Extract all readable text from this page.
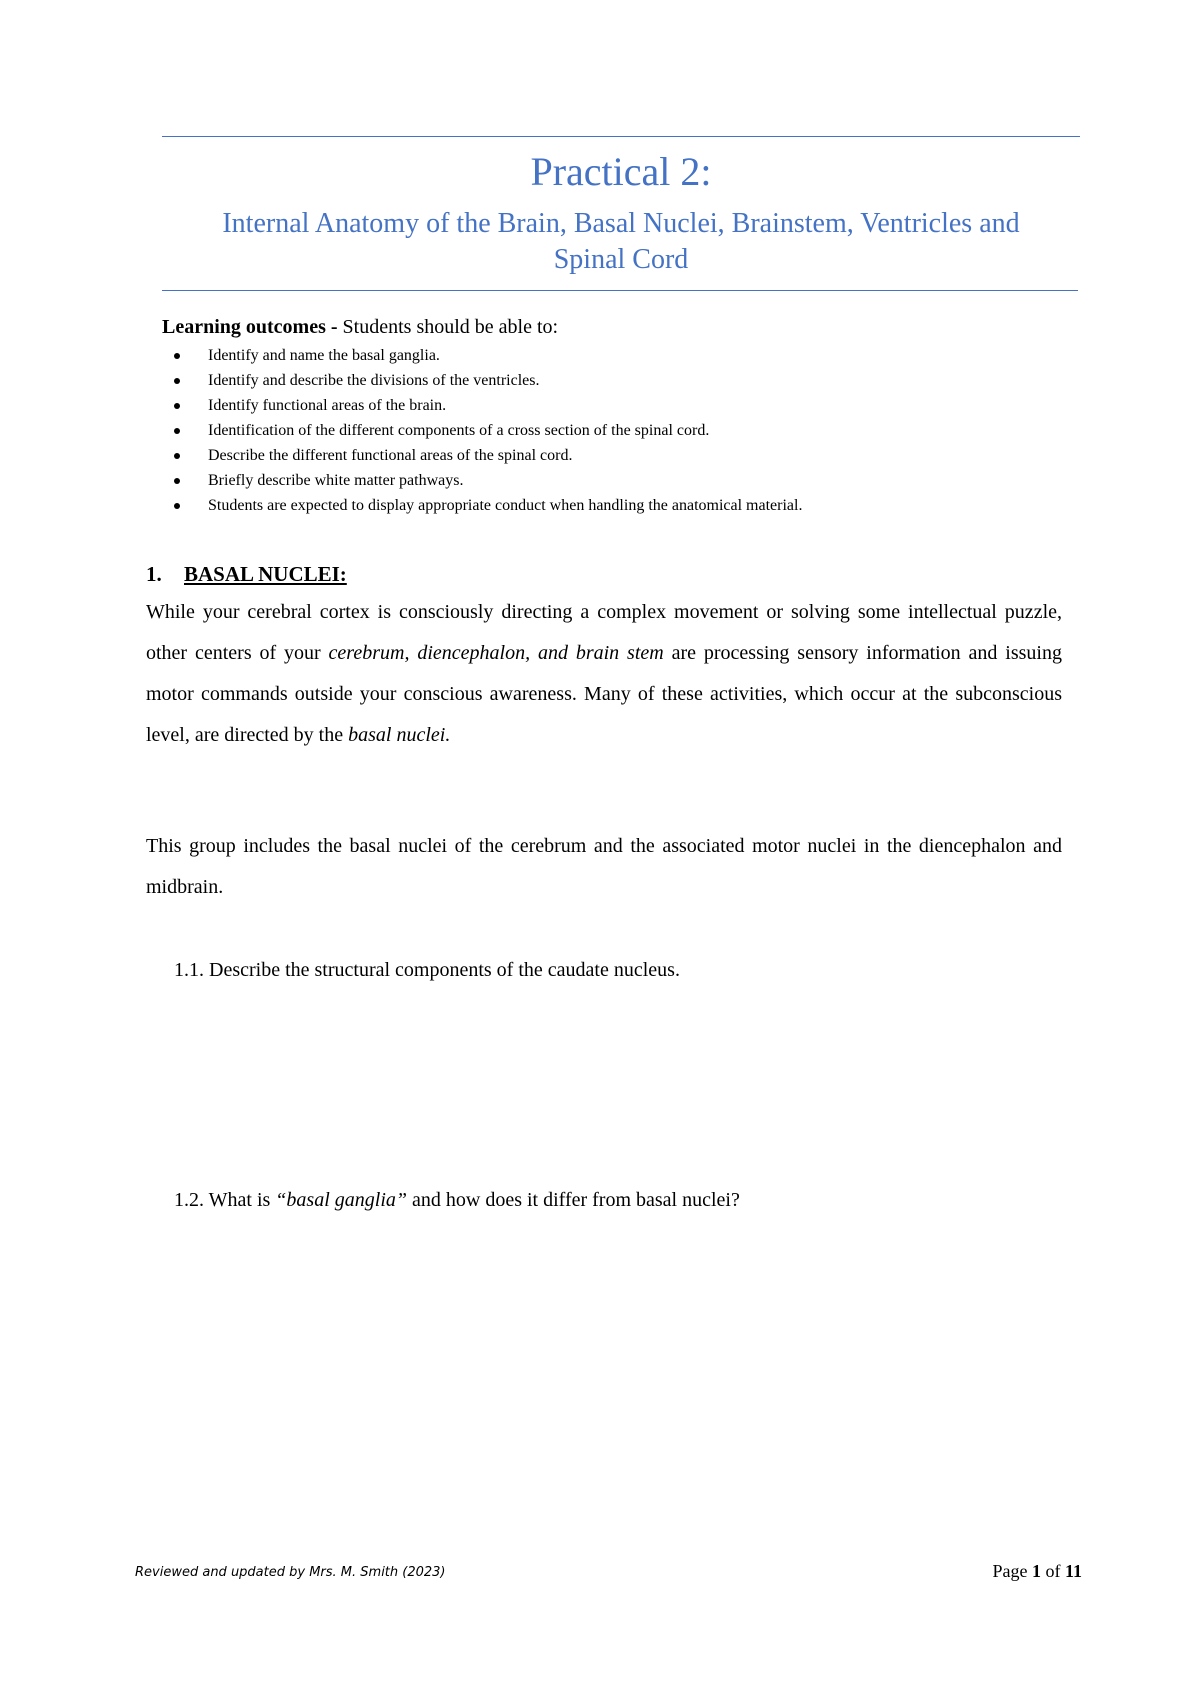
Practical 2:
Internal Anatomy of the Brain, Basal Nuclei, Brainstem, Ventricles and
Spinal Cord
Learning outcomes - Students should be able to:
Identify and name the basal ganglia.
Identify and describe the divisions of the ventricles.
Identify functional areas of the brain.
Identification of the different components of a cross section of the spinal cord.
Describe the different functional areas of the spinal cord.
Briefly describe white matter pathways.
Students are expected to display appropriate conduct when handling the anatomical material.
1. BASAL NUCLEI:
While your cerebral cortex is consciously directing a complex movement or solving some intellectual puzzle, other centers of your cerebrum, diencephalon, and brain stem are processing sensory information and issuing motor commands outside your conscious awareness. Many of these activities, which occur at the subconscious level, are directed by the basal nuclei.
This group includes the basal nuclei of the cerebrum and the associated motor nuclei in the diencephalon and midbrain.
1.1. Describe the structural components of the caudate nucleus.
1.2. What is “basal ganglia” and how does it differ from basal nuclei?
Reviewed and updated by Mrs. M. Smith (2023)	Page 1 of 11
